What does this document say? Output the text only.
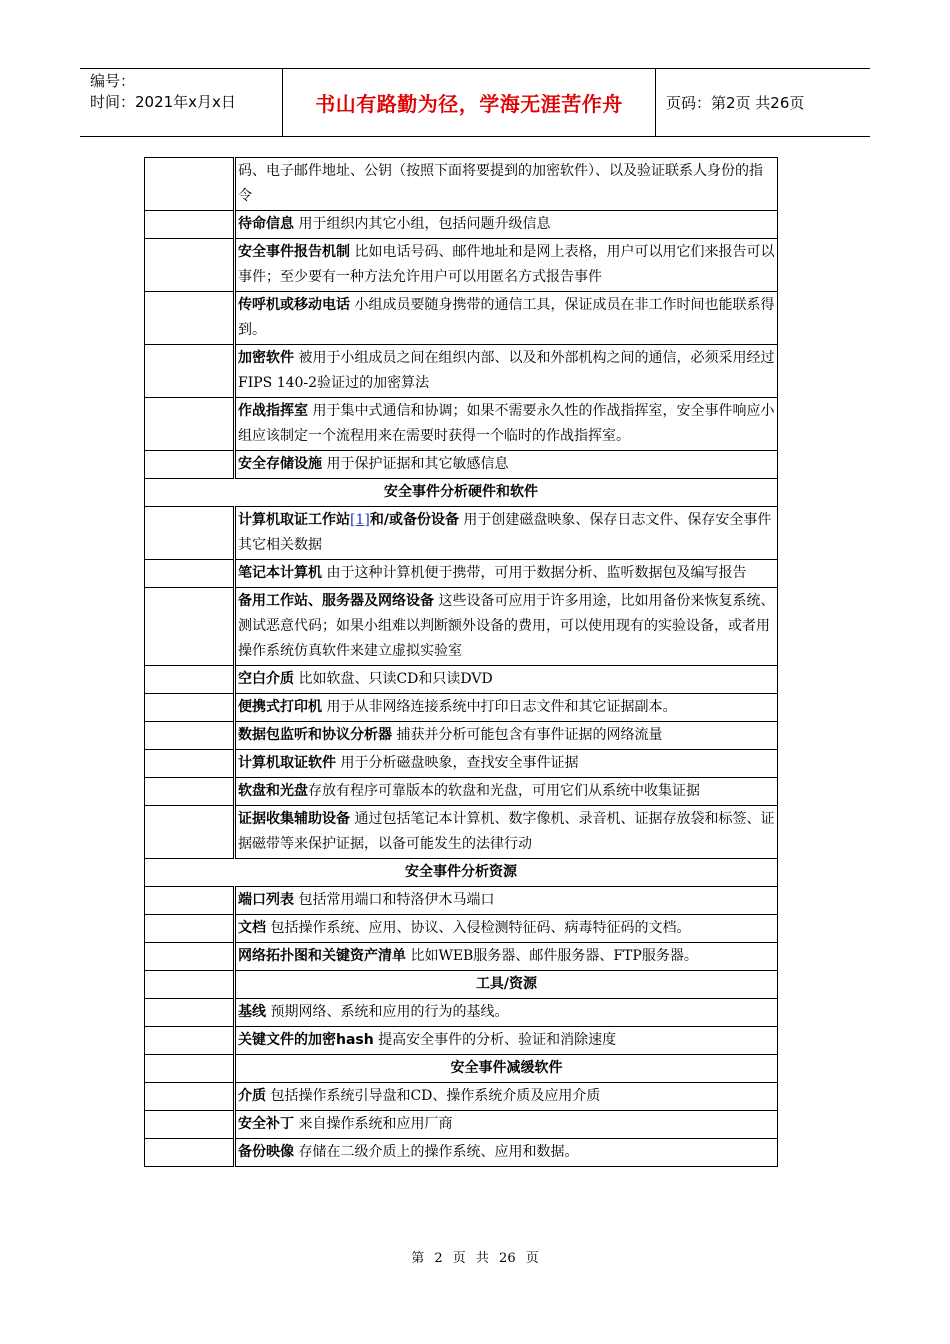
编号：
时间：2021年x月x日	书山有路勤为径，学海无涯苦作舟	页码：第2页 共26页
	码、电子邮件地址、公钥（按照下面将要提到的加密软件）、以及验证联系人身份的指令
	待命信息 用于组织内其它小组，包括问题升级信息
	安全事件报告机制 比如电话号码、邮件地址和是网上表格，用户可以用它们来报告可以事件；至少要有一种方法允许用户可以用匿名方式报告事件
	传呼机或移动电话 小组成员要随身携带的通信工具，保证成员在非工作时间也能联系得到。
	加密软件 被用于小组成员之间在组织内部、以及和外部机构之间的通信，必须采用经过FIPS 140-2验证过的加密算法
	作战指挥室 用于集中式通信和协调；如果不需要永久性的作战指挥室，安全事件响应小组应该制定一个流程用来在需要时获得一个临时的作战指挥室。
	安全存储设施 用于保护证据和其它敏感信息
安全事件分析硬件和软件	
	计算机取证工作站[1]和/或备份设备 用于创建磁盘映象、保存日志文件、保存安全事件其它相关数据
	笔记本计算机 由于这种计算机便于携带，可用于数据分析、监听数据包及编写报告
	备用工作站、服务器及网络设备 这些设备可应用于许多用途，比如用备份来恢复系统、测试恶意代码；如果小组难以判断额外设备的费用，可以使用现有的实验设备，或者用操作系统仿真软件来建立虚拟实验室
	空白介质 比如软盘、只读CD和只读DVD
	便携式打印机 用于从非网络连接系统中打印日志文件和其它证据副本。
	数据包监听和协议分析器 捕获并分析可能包含有事件证据的网络流量
	计算机取证软件 用于分析磁盘映象，查找安全事件证据
	软盘和光盘存放有程序可靠版本的软盘和光盘，可用它们从系统中收集证据
	证据收集辅助设备 通过包括笔记本计算机、数字像机、录音机、证据存放袋和标签、证据磁带等来保护证据，以备可能发生的法律行动
安全事件分析资源	
	端口列表 包括常用端口和特洛伊木马端口
	文档 包括操作系统、应用、协议、入侵检测特征码、病毒特征码的文档。
	网络拓扑图和关键资产清单 比如WEB服务器、邮件服务器、FTP服务器。
	工具/资源
	基线 预期网络、系统和应用的行为的基线。
	关键文件的加密hash 提高安全事件的分析、验证和消除速度
	安全事件减缓软件
	介质 包括操作系统引导盘和CD、操作系统介质及应用介质
	安全补丁 来自操作系统和应用厂商
	备份映像 存储在二级介质上的操作系统、应用和数据。
第 2 页 共 26 页
